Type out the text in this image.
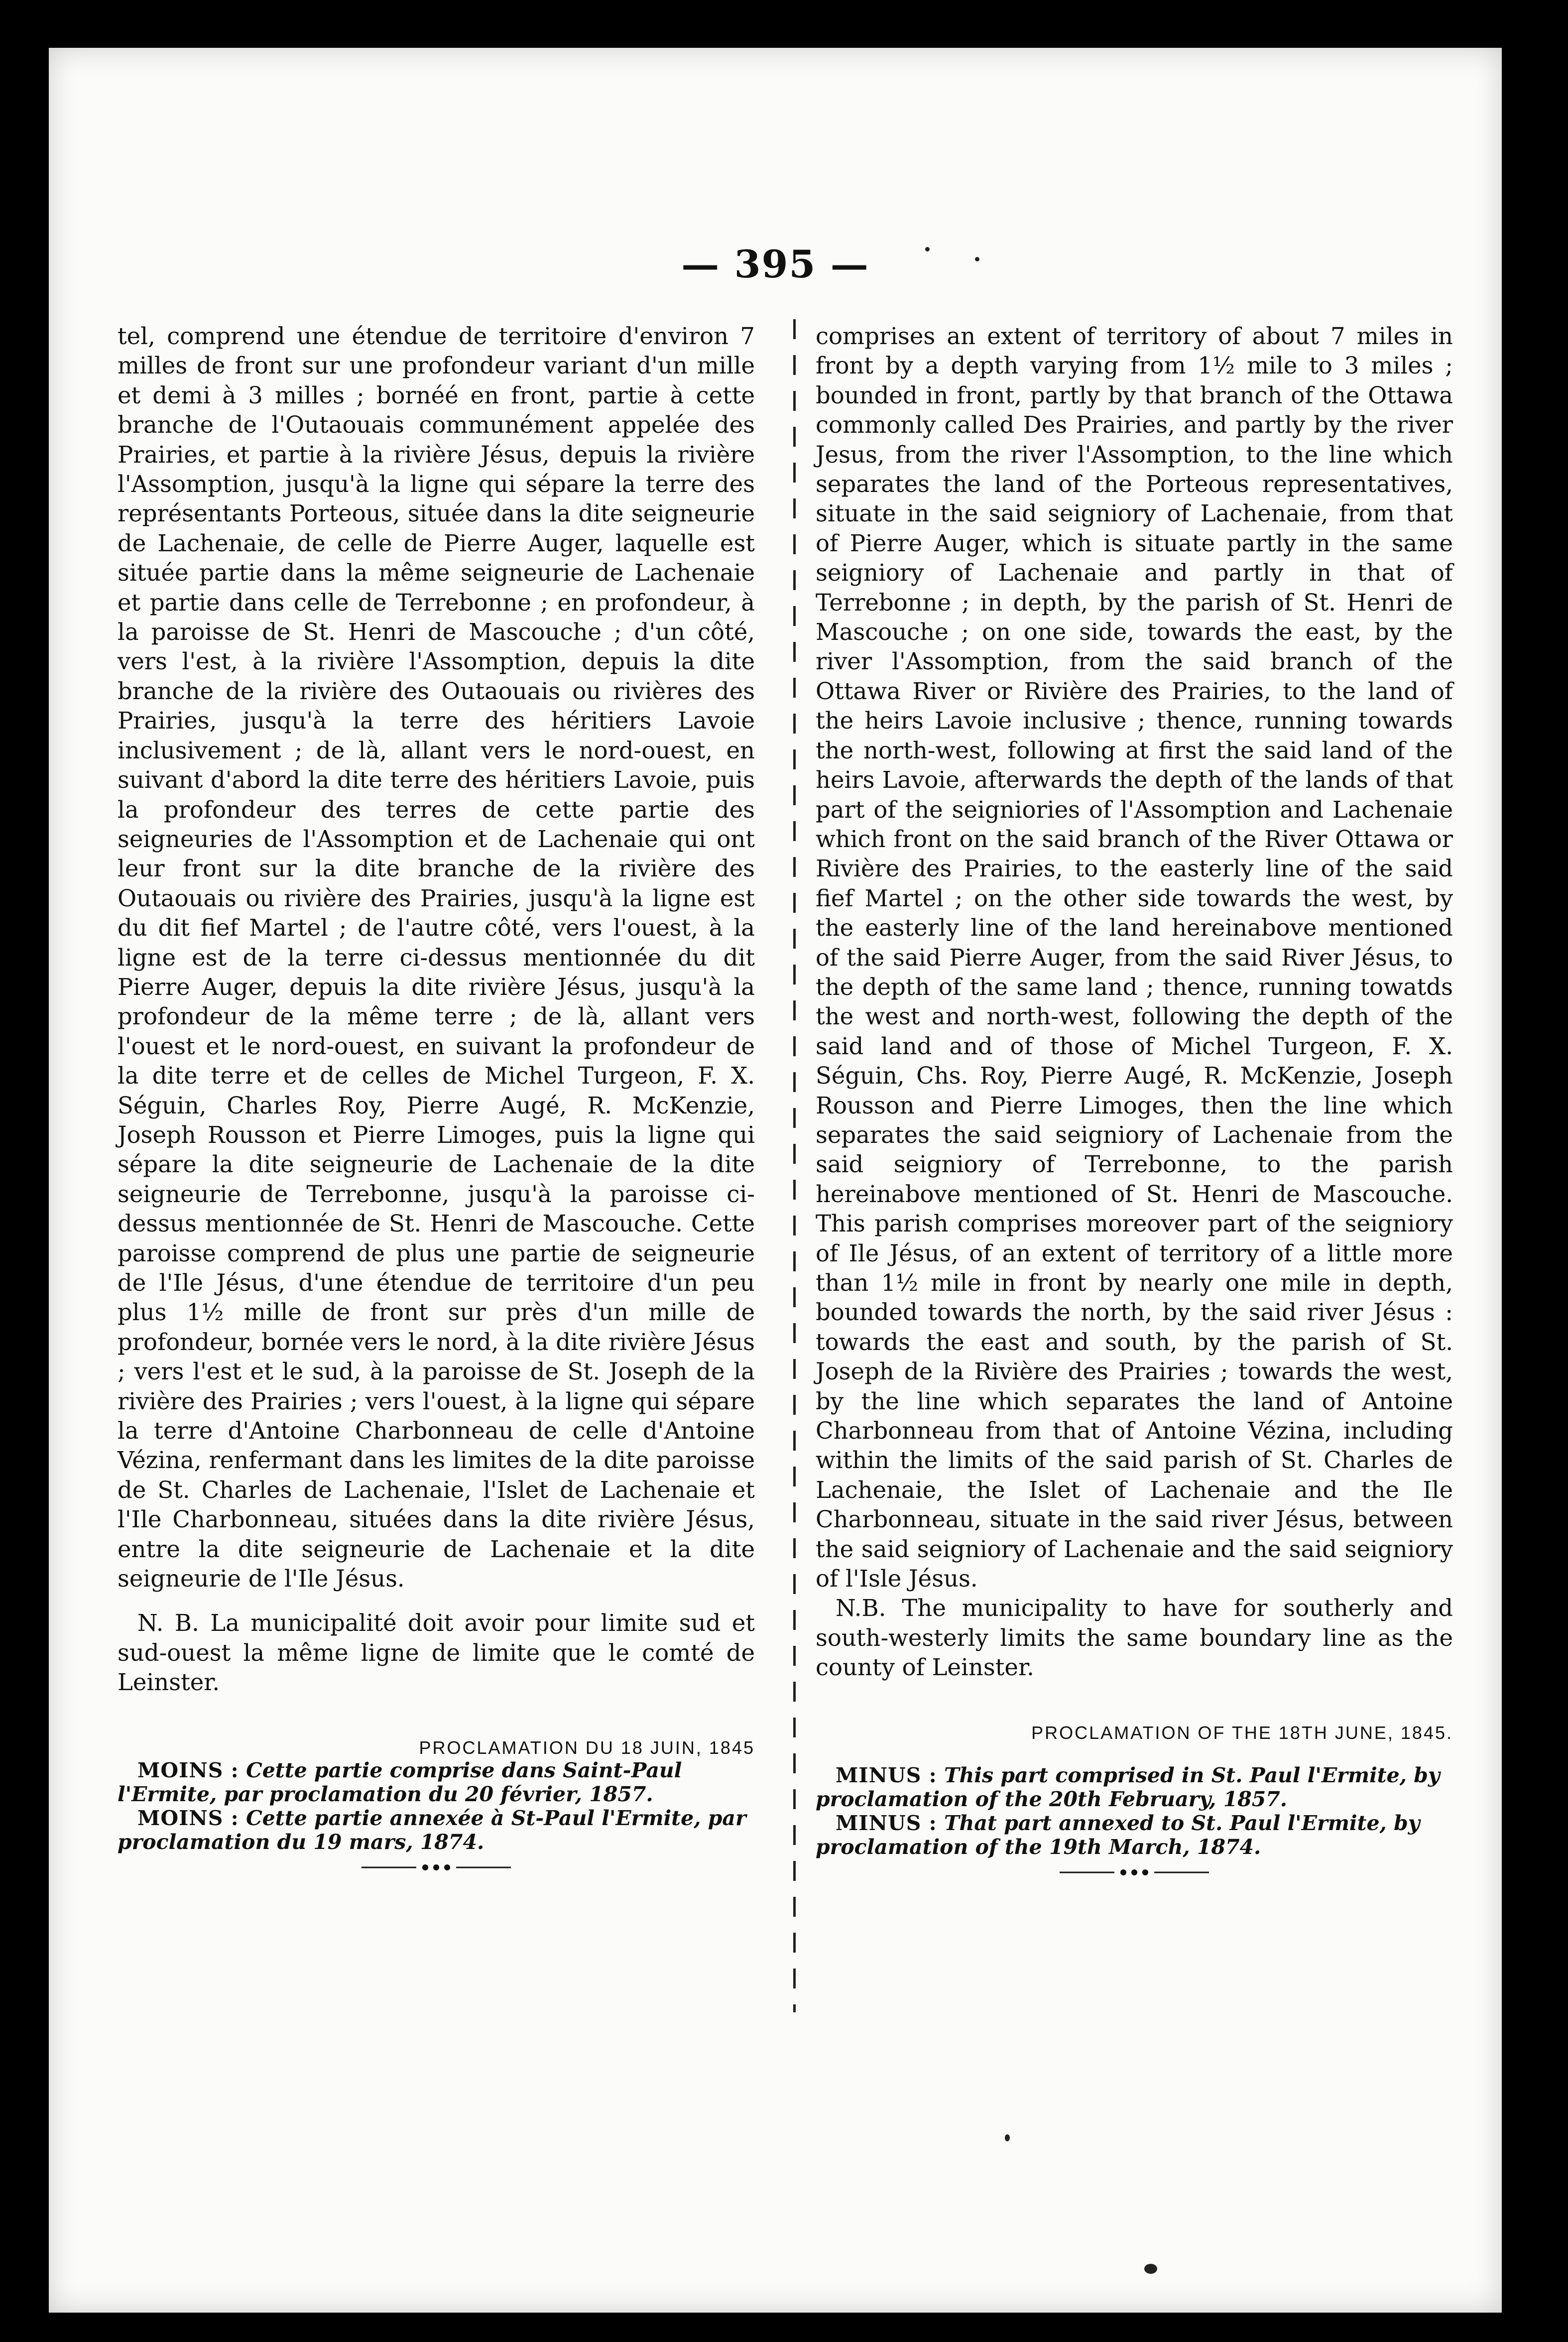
— 395 —

tel, comprend une étendue de territoire d'environ 7 milles de front sur une profondeur variant d'un mille et demi à 3 milles ; bornéé en front, partie à cette branche de l'Outaouais communément appelée des Prairies, et partie à la rivière Jésus, depuis la rivière l'Assomption, jusqu'à la ligne qui sépare la terre des représentants Porteous, située dans la dite seigneurie de Lachenaie, de celle de Pierre Auger, laquelle est située partie dans la même seigneurie de Lachenaie et partie dans celle de Terrebonne ; en profondeur, à la paroisse de St. Henri de Mascouche ; d'un côté, vers l'est, à la rivière l'Assomption, depuis la dite branche de la rivière des Outaouais ou rivières des Prairies, jusqu'à la terre des héritiers Lavoie inclusivement ; de là, allant vers le nord-ouest, en suivant d'abord la dite terre des héritiers Lavoie, puis la profondeur des terres de cette partie des seigneuries de l'Assomption et de Lachenaie qui ont leur front sur la dite branche de la rivière des Outaouais ou rivière des Prairies, jusqu'à la ligne est du dit fief Martel ; de l'autre côté, vers l'ouest, à la ligne est de la terre ci-dessus mentionnée du dit Pierre Auger, depuis la dite rivière Jésus, jusqu'à la profondeur de la même terre ; de là, allant vers l'ouest et le nord-ouest, en suivant la profondeur de la dite terre et de celles de Michel Turgeon, F. X. Séguin, Charles Roy, Pierre Augé, R. McKenzie, Joseph Rousson et Pierre Limoges, puis la ligne qui sépare la dite seigneurie de Lachenaie de la dite seigneurie de Terrebonne, jusqu'à la paroisse ci-dessus mentionnée de St. Henri de Mascouche. Cette paroisse comprend de plus une partie de seigneurie de l'Ile Jésus, d'une étendue de territoire d'un peu plus 1½ mille de front sur près d'un mille de profondeur, bornée vers le nord, à la dite rivière Jésus ; vers l'est et le sud, à la paroisse de St. Joseph de la rivière des Prairies ; vers l'ouest, à la ligne qui sépare la terre d'Antoine Charbonneau de celle d'Antoine Vézina, renfermant dans les limites de la dite paroisse de St. Charles de Lachenaie, l'Islet de Lachenaie et l'Ile Charbonneau, situées dans la dite rivière Jésus, entre la dite seigneurie de Lachenaie et la dite seigneurie de l'Ile Jésus.

N. B. La municipalité doit avoir pour limite sud et sud-ouest la même ligne de limite que le comté de Leinster.

PROCLAMATION DU 18 JUIN, 1845

MOINS : Cette partie comprise dans Saint-Paul l'Ermite, par proclamation du 20 février, 1857.

MOINS : Cette partie annexée à St-Paul l'Ermite, par proclamation du 19 mars, 1874.

comprises an extent of territory of about 7 miles in front by a depth varying from 1½ mile to 3 miles ; bounded in front, partly by that branch of the Ottawa commonly called Des Prairies, and partly by the river Jesus, from the river l'Assomption, to the line which separates the land of the Porteous representatives, situate in the said seigniory of Lachenaie, from that of Pierre Auger, which is situate partly in the same seigniory of Lachenaie and partly in that of Terrebonne ; in depth, by the parish of St. Henri de Mascouche ; on one side, towards the east, by the river l'Assomption, from the said branch of the Ottawa River or Rivière des Prairies, to the land of the heirs Lavoie inclusive ; thence, running towards the north-west, following at first the said land of the heirs Lavoie, afterwards the depth of the lands of that part of the seigniories of l'Assomption and Lachenaie which front on the said branch of the River Ottawa or Rivière des Prairies, to the easterly line of the said fief Martel ; on the other side towards the west, by the easterly line of the land hereinabove mentioned of the said Pierre Auger, from the said River Jésus, to the depth of the same land ; thence, running towatds the west and north-west, following the depth of the said land and of those of Michel Turgeon, F. X. Séguin, Chs. Roy, Pierre Augé, R. McKenzie, Joseph Rousson and Pierre Limoges, then the line which separates the said seigniory of Lachenaie from the said seigniory of Terrebonne, to the parish hereinabove mentioned of St. Henri de Mascouche. This parish comprises moreover part of the seigniory of Ile Jésus, of an extent of territory of a little more than 1½ mile in front by nearly one mile in depth, bounded towards the north, by the said river Jésus : towards the east and south, by the parish of St. Joseph de la Rivière des Prairies ; towards the west, by the line which separates the land of Antoine Charbonneau from that of Antoine Vézina, including within the limits of the said parish of St. Charles de Lachenaie, the Islet of Lachenaie and the Ile Charbonneau, situate in the said river Jésus, between the said seigniory of Lachenaie and the said seigniory of l'Isle Jésus.

N.B. The municipality to have for southerly and south-westerly limits the same boundary line as the county of Leinster.

PROCLAMATION OF THE 18TH JUNE, 1845.

MINUS : This part comprised in St. Paul l'Ermite, by proclamation of the 20th February, 1857.

MINUS : That part annexed to St. Paul l'Ermite, by proclamation of the 19th March, 1874.
